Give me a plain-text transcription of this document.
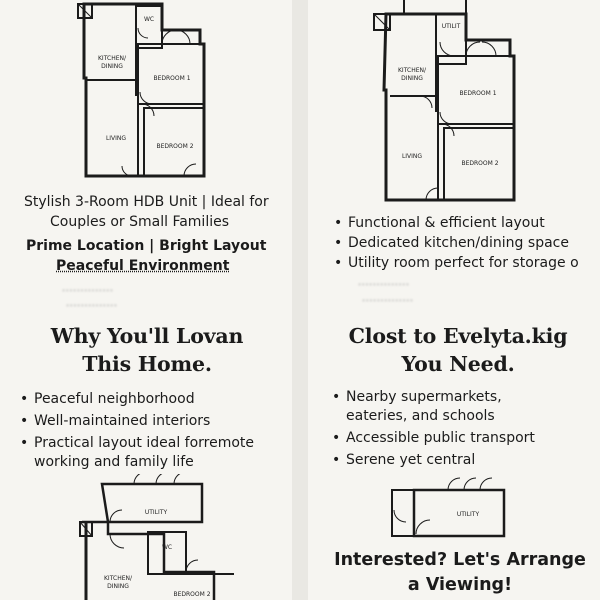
WC
KITCHEN/
DINING
BEDROOM 1
LIVING
BEDROOM 2
Stylish 3-Room HDB Unit | Ideal for
Couples or Small Families
Prime Location | Bright Layout
Peaceful Environment
··············
··············
Why You'll Lovan
This Home.
• Peaceful neighborhood
• Well-maintained interiors
• Practical layout ideal forremote working and family life
UTILITY
WC
KITCHEN/
DINING
BEDROOM 2
UTILIT
KITCHEN/
DINING
BEDROOM 1
LIVING
BEDROOM 2
• Functional & efficient layout
• Dedicated kitchen/dining space
• Utility room perfect for storage o
··············
··············
Clost to Evelyta.kig
You Need.
• Nearby supermarkets, eateries, and schools
• Accessible public transport
• Serene yet central
UTILITY
Interested? Let's Arrange
a Viewing!
